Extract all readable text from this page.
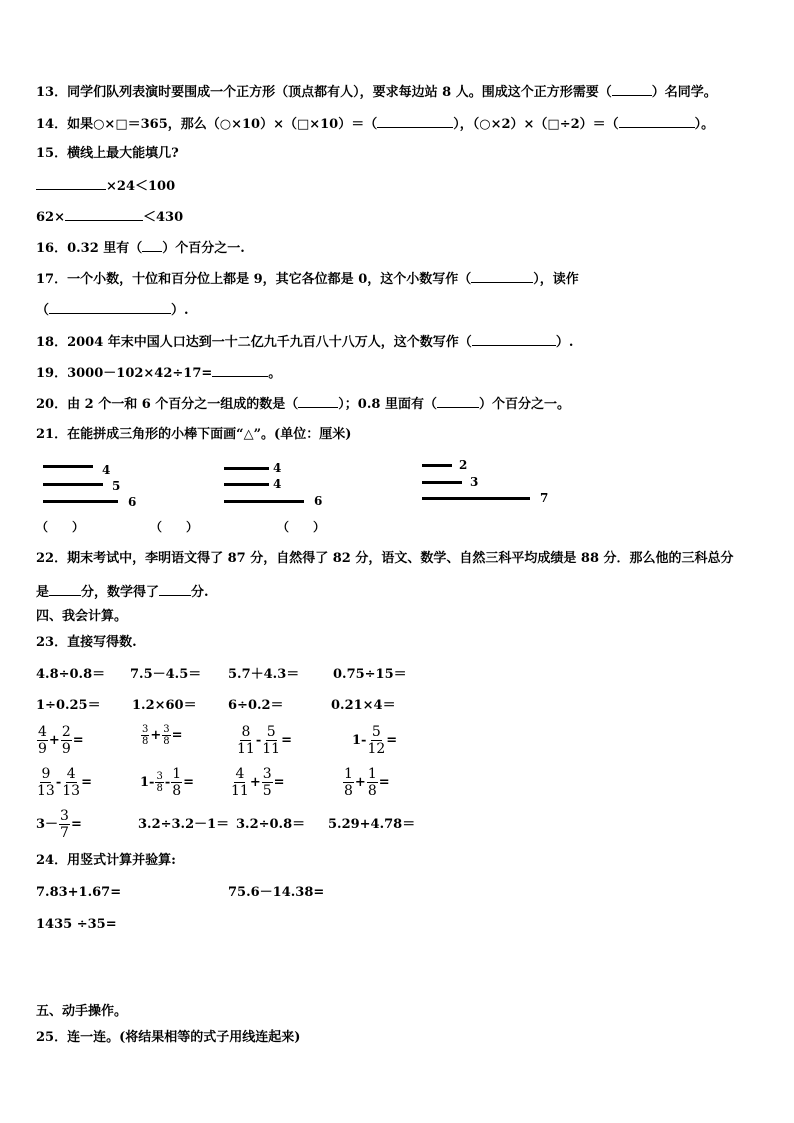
13．同学们队列表演时要围成一个正方形（顶点都有人），要求每边站 8 人。围成这个正方形需要（	）名同学。
14．如果○×□＝365，那么（○×10）×（□×10）＝（	），（○×2）×（□÷2）＝（	）。
15．横线上最大能填几?
×24＜100
62×	＜430
16．0.32 里有（ ）个百分之一.
17．一个小数，十位和百分位上都是 9，其它各位都是 0，这个小数写作（	），读作
（	）.
18．2004 年末中国人口达到一十二亿九千九百八十八万人，这个数写作（	）.
19．3000－102×42÷17=	。
20．由 2 个一和 6 个百分之一组成的数是（	）；0.8 里面有（	）个百分之一。
21．在能拼成三角形的小棒下面画“△”。(单位：厘米)
4
5
6
4
4
6
2
3
7
（　　）	（　　）	（　　）
22．期末考试中，李明语文得了 87 分，自然得了 82 分，语文、数学、自然三科平均成绩是 88 分．那么他的三科总分
是 分，数学得了 分.
四、我会计算。
23．直接写得数.
4.8÷0.8＝ 7.5－4.5＝ 5.7＋4.3＝	0.75÷15＝
1÷0.25＝ 1.2×60＝ 6÷0.2＝	0.21×4＝
$\frac{4}{9} + \frac{2}{9}$ =	$\frac{3}{8} + \frac{3}{8}$ =	$\frac{8}{11} - \frac{5}{11}$ =	$1- \frac{5}{12}$ =
$\frac{9}{13} - \frac{4}{13}$ =	$1- \frac{3}{8} - \frac{1}{8}$ =	$\frac{4}{11} + \frac{3}{5}$ =	$\frac{1}{8} + \frac{1}{8}$ =
$3- \frac{3}{7}$ =	3.2÷3.2－1＝ 3.2÷0.8＝ 5.29+4.78＝
24．用竖式计算并验算:
7.83+1.67=	75.6－14.38=
1435 ÷35=
五、动手操作。
25．连一连。(将结果相等的式子用线连起来)
